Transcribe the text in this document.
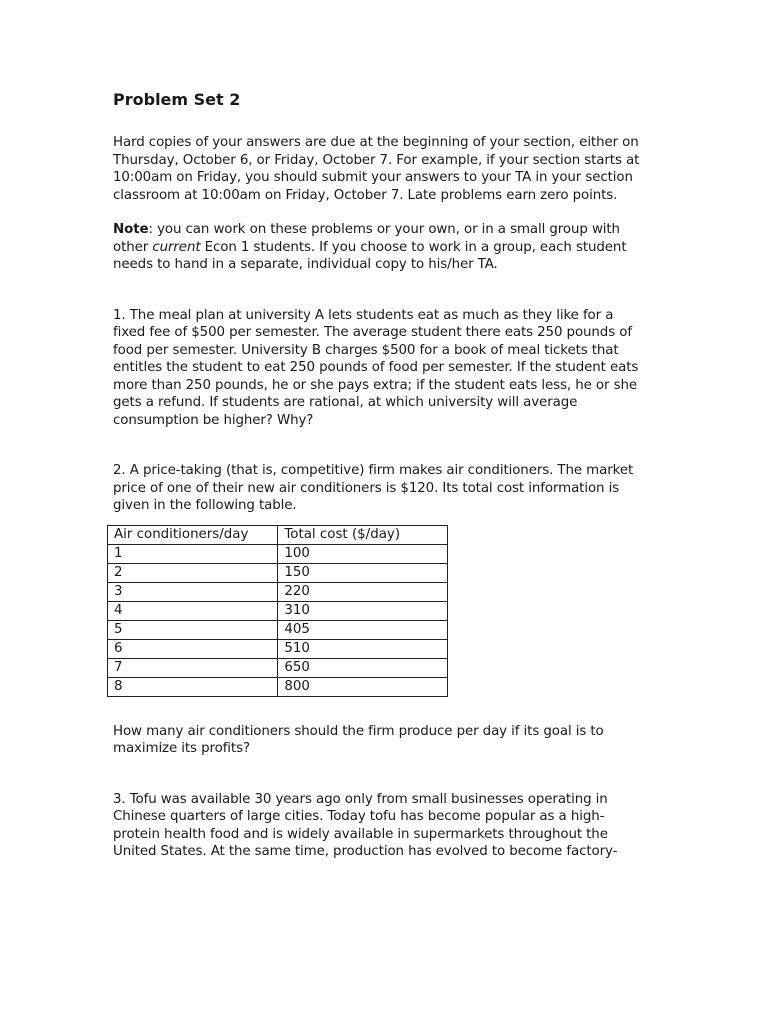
Problem Set 2

Hard copies of your answers are due at the beginning of your section, either on Thursday, October 6, or Friday, October 7. For example, if your section starts at 10:00am on Friday, you should submit your answers to your TA in your section classroom at 10:00am on Friday, October 7. Late problems earn zero points.

Note: you can work on these problems or your own, or in a small group with other current Econ 1 students. If you choose to work in a group, each student needs to hand in a separate, individual copy to his/her TA.

1. The meal plan at university A lets students eat as much as they like for a fixed fee of $500 per semester. The average student there eats 250 pounds of food per semester. University B charges $500 for a book of meal tickets that entitles the student to eat 250 pounds of food per semester. If the student eats more than 250 pounds, he or she pays extra; if the student eats less, he or she gets a refund. If students are rational, at which university will average consumption be higher? Why?

2. A price-taking (that is, competitive) firm makes air conditioners. The market price of one of their new air conditioners is $120. Its total cost information is given in the following table.

Air conditioners/day	Total cost ($/day)
1	100
2	150
3	220
4	310
5	405
6	510
7	650
8	800

How many air conditioners should the firm produce per day if its goal is to maximize its profits?

3. Tofu was available 30 years ago only from small businesses operating in Chinese quarters of large cities. Today tofu has become popular as a high-protein health food and is widely available in supermarkets throughout the United States. At the same time, production has evolved to become factory-
